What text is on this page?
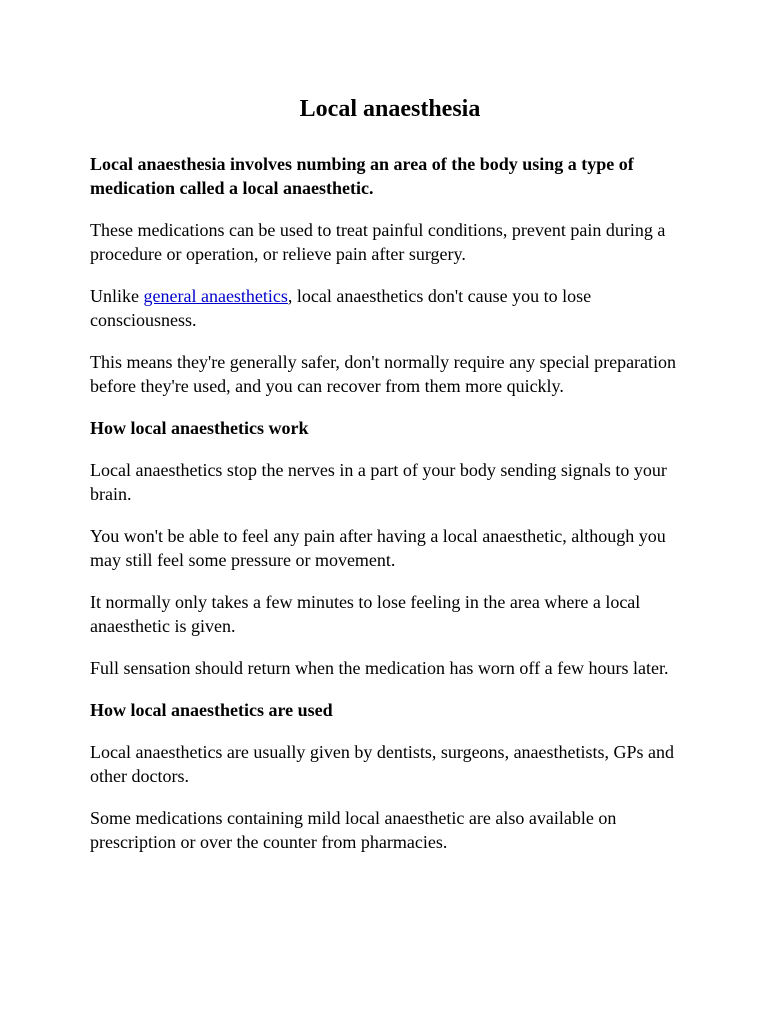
Local anaesthesia

Local anaesthesia involves numbing an area of the body using a type of medication called a local anaesthetic.

These medications can be used to treat painful conditions, prevent pain during a procedure or operation, or relieve pain after surgery.

Unlike general anaesthetics, local anaesthetics don't cause you to lose consciousness.

This means they're generally safer, don't normally require any special preparation before they're used, and you can recover from them more quickly.

How local anaesthetics work

Local anaesthetics stop the nerves in a part of your body sending signals to your brain.

You won't be able to feel any pain after having a local anaesthetic, although you may still feel some pressure or movement.

It normally only takes a few minutes to lose feeling in the area where a local anaesthetic is given.

Full sensation should return when the medication has worn off a few hours later.

How local anaesthetics are used

Local anaesthetics are usually given by dentists, surgeons, anaesthetists, GPs and other doctors.

Some medications containing mild local anaesthetic are also available on prescription or over the counter from pharmacies.
